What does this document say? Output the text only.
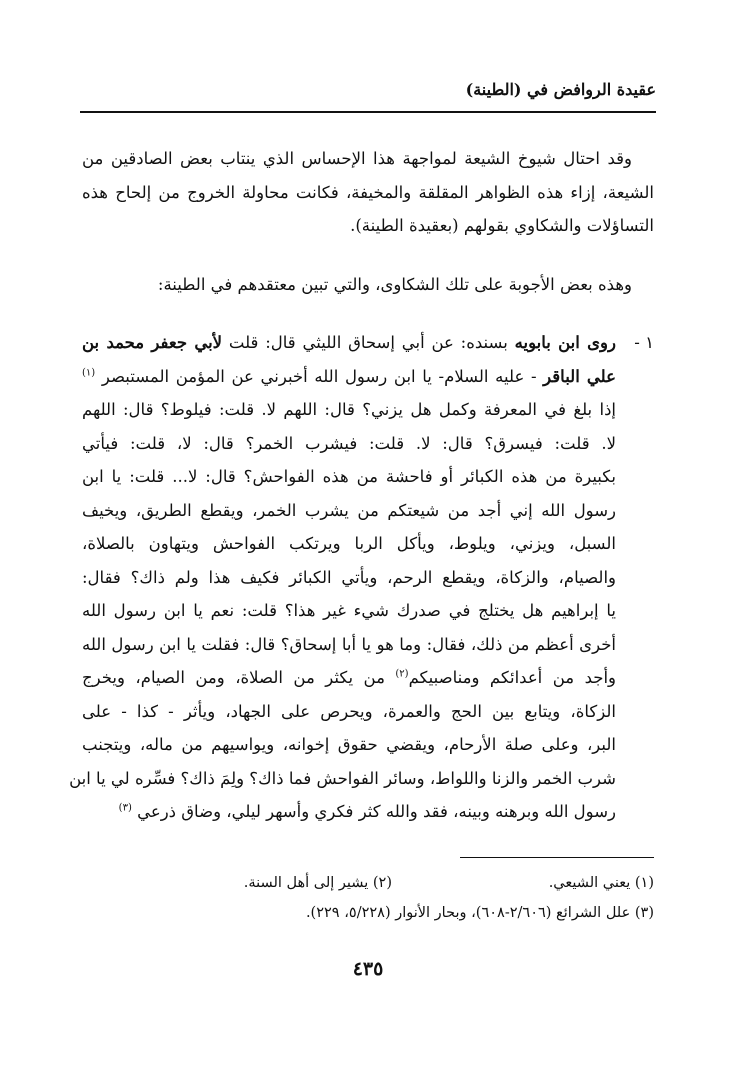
عقيدة الروافض في (الطينة)
وقد احتال شيوخ الشيعة لمواجهة هذا الإحساس الذي ينتاب بعض الصادقين من
الشيعة، إزاء هذه الظواهر المقلقة والمخيفة، فكانت محاولة الخروج من إلحاح هذه
التساؤلات والشكاوي بقولهم (بعقيدة الطينة).
وهذه بعض الأجوبة على تلك الشكاوى، والتي تبين معتقدهم في الطينة:
١ -
روى ابن بابويه بسنده: عن أبي إسحاق الليثي قال: قلت لأبي جعفر محمد بن
علي الباقر - عليه السلام- يا ابن رسول الله أخبرني عن المؤمن المستبصر $^{(١)}$
إذا بلغ في المعرفة وكمل هل يزني؟ قال: اللهم لا. قلت: فيلوط؟ قال: اللهم
لا. قلت: فيسرق؟ قال: لا. قلت: فيشرب الخمر؟ قال: لا، قلت: فيأتي
بكبيرة من هذه الكبائر أو فاحشة من هذه الفواحش؟ قال: لا... قلت: يا ابن
رسول الله إني أجد من شيعتكم من يشرب الخمر، ويقطع الطريق، ويخيف
السبل، ويزني، ويلوط، ويأكل الربا ويرتكب الفواحش ويتهاون بالصلاة،
والصيام، والزكاة، ويقطع الرحم، ويأتي الكبائر فكيف هذا ولم ذاك؟ فقال:
يا إبراهيم هل يختلج في صدرك شيء غير هذا؟ قلت: نعم يا ابن رسول الله
أخرى أعظم من ذلك، فقال: وما هو يا أبا إسحاق؟ قال: فقلت يا ابن رسول الله
وأجد من أعدائكم ومناصبيكم$^{(٢)}$ من يكثر من الصلاة، ومن الصيام، ويخرج
الزكاة، ويتابع بين الحج والعمرة، ويحرص على الجهاد، ويأثر - كذا - على
البر، وعلى صلة الأرحام، ويقضي حقوق إخوانه، ويواسيهم من ماله، ويتجنب
شرب الخمر والزنا واللواط، وسائر الفواحش فما ذاك؟ ولِمَ ذاك؟ فسِّره لي يا ابن
رسول الله وبرهنه وبينه، فقد والله كثر فكري وأسهر ليلي، وضاق ذرعي $^{(٣)}$
(١) يعني الشيعي.
(٢) يشير إلى أهل السنة.
(٣) علل الشرائع (٢/٦٠٦-٦٠٨)، وبحار الأنوار (٥/٢٢٨، ٢٢٩).
٤٣٥
